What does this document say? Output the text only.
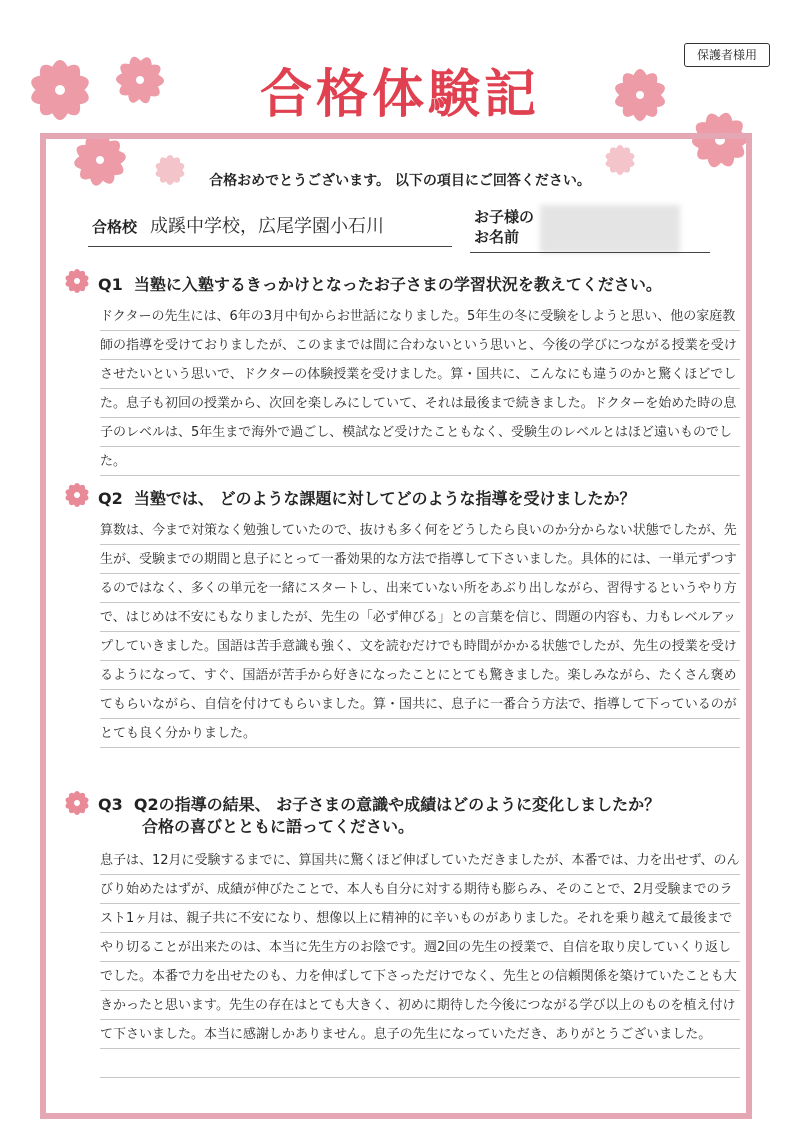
保護者様用
合格体験記
合格おめでとうございます。 以下の項目にご回答ください。
合格校 成蹊中学校，広尾学園小石川	お子様の
お名前
Q1 当塾に入塾するきっかけとなったお子さまの学習状況を教えてください。
ドクターの先生には、6年の3月中旬からお世話になりました。5年生の冬に受験をしようと思い、他の家庭教師の指導を受けておりましたが、このままでは間に合わないという思いと、今後の学びにつながる授業を受けさせたいという思いで、ドクターの体験授業を受けました。算・国共に、こんなにも違うのかと驚くほどでした。息子も初回の授業から、次回を楽しみにしていて、それは最後まで続きました。ドクターを始めた時の息子のレベルは、5年生まで海外で過ごし、模試など受けたこともなく、受験生のレベルとはほど遠いものでした。
Q2 当塾では、 どのような課題に対してどのような指導を受けましたか？
算数は、今まで対策なく勉強していたので、抜けも多く何をどうしたら良いのか分からない状態でしたが、先生が、受験までの期間と息子にとって一番効果的な方法で指導して下さいました。具体的には、一単元ずつするのではなく、多くの単元を一緒にスタートし、出来ていない所をあぶり出しながら、習得するというやり方で、はじめは不安にもなりましたが、先生の「必ず伸びる」との言葉を信じ、問題の内容も、力もレベルアップしていきました。国語は苦手意識も強く、文を読むだけでも時間がかかる状態でしたが、先生の授業を受けるようになって、すぐ、国語が苦手から好きになったことにとても驚きました。楽しみながら、たくさん褒めてもらいながら、自信を付けてもらいました。算・国共に、息子に一番合う方法で、指導して下っているのがとても良く分かりました。
Q3 Q2の指導の結果、 お子さまの意識や成績はどのように変化しましたか？
合格の喜びとともに語ってください。
息子は、12月に受験するまでに、算国共に驚くほど伸ばしていただきましたが、本番では、力を出せず、のんびり始めたはずが、成績が伸びたことで、本人も自分に対する期待も膨らみ、そのことで、2月受験までのラスト1ヶ月は、親子共に不安になり、想像以上に精神的に辛いものがありました。それを乗り越えて最後までやり切ることが出来たのは、本当に先生方のお陰です。週2回の先生の授業で、自信を取り戻していくり返しでした。本番で力を出せたのも、力を伸ばして下さっただけでなく、先生との信頼関係を築けていたことも大きかったと思います。先生の存在はとても大きく、初めに期待した今後につながる学び以上のものを植え付けて下さいました。本当に感謝しかありません。息子の先生になっていただき、ありがとうございました。
